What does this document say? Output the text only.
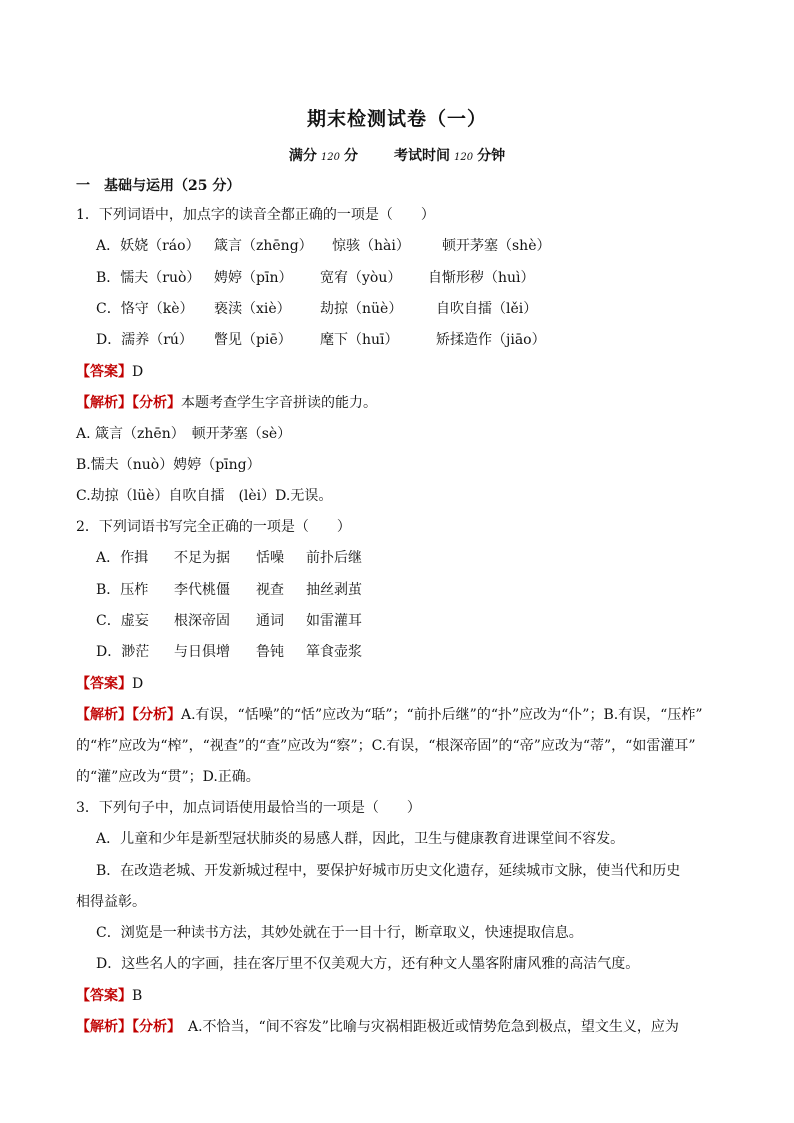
期末检测试卷（一）
满分 120 分	考试时间 120 分钟
一　基础与运用（25 分）
1．下列词语中，加点字的读音全都正确的一项是（　　）
A．妖娆（ráo） 箴言（zhēng） 惊骇（hài） 顿开茅塞（shè）
B．懦夫（ruò） 娉婷（pīn） 宽宥（yòu） 自惭形秽（huì）
C．恪守（kè） 亵渎（xiè） 劫掠（nüè） 自吹自擂（lěi）
D．濡养（rú） 瞥见（piē） 麾下（huī）	矫揉造作（jiāo）
【答案】D
【解析】【分析】本题考查学生字音拼读的能力。
A. 箴言（zhēn）　顿开茅塞（sè）
B.懦夫（nuò）娉婷（pīng）
C.劫掠（lüè）自吹自擂　(lèi）D.无误。
2．下列词语书写完全正确的一项是（　　）
A．作揖 不足为据 恬噪 前扑后继
B．压柞 李代桃僵 视查 抽丝剥茧
C．虚妄 根深帝固 通词 如雷灌耳
D．渺茫 与日俱增 鲁钝 箪食壶浆
【答案】D
【解析】【分析】A.有误，“恬噪”的“恬”应改为“聒”；“前扑后继”的“扑”应改为“仆”；B.有误，“压柞”
的“柞”应改为“榨”，“视查”的“查”应改为“察”；C.有误，“根深帝固”的“帝”应改为“蒂”，“如雷灌耳”
的“灌”应改为“贯”；D.正确。
3．下列句子中，加点词语使用最恰当的一项是（　　）
A．儿童和少年是新型冠状肺炎的易感人群，因此，卫生与健康教育进课堂间不容发。
B．在改造老城、开发新城过程中，要保护好城市历史文化遗存，延续城市文脉，使当代和历史
相得益彰。
C．浏览是一种读书方法，其妙处就在于一目十行，断章取义，快速提取信息。
D．这些名人的字画，挂在客厅里不仅美观大方，还有种文人墨客附庸风雅的高洁气度。
【答案】B
【解析】【分析】　A.不恰当，“间不容发”比喻与灾祸相距极近或情势危急到极点，望文生义，应为
